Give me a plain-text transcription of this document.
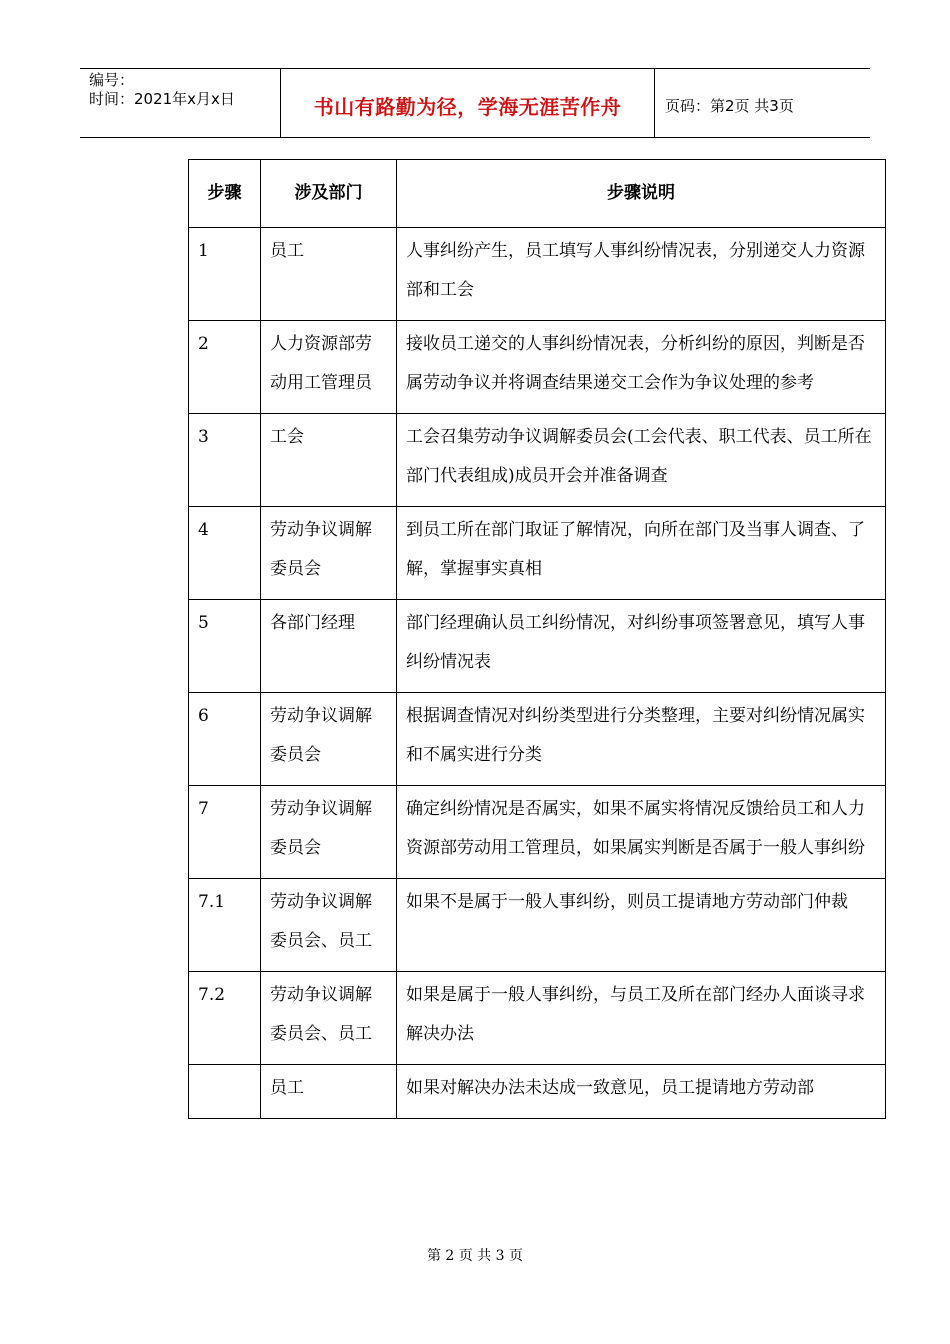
编号：
时间：2021年x月x日	书山有路勤为径，学海无涯苦作舟	页码：第2页 共3页
步骤	涉及部门	步骤说明
1	员工	人事纠纷产生，员工填写人事纠纷情况表，分别递交人力资源部和工会
2	人力资源部劳动用工管理员	接收员工递交的人事纠纷情况表，分析纠纷的原因，判断是否属劳动争议并将调查结果递交工会作为争议处理的参考
3	工会	工会召集劳动争议调解委员会(工会代表、职工代表、员工所在部门代表组成)成员开会并准备调查
4	劳动争议调解委员会	到员工所在部门取证了解情况，向所在部门及当事人调查、了解，掌握事实真相
5	各部门经理	部门经理确认员工纠纷情况，对纠纷事项签署意见，填写人事纠纷情况表
6	劳动争议调解委员会	根据调查情况对纠纷类型进行分类整理，主要对纠纷情况属实和不属实进行分类
7	劳动争议调解委员会	确定纠纷情况是否属实，如果不属实将情况反馈给员工和人力资源部劳动用工管理员，如果属实判断是否属于一般人事纠纷
7.1	劳动争议调解委员会、员工	如果不是属于一般人事纠纷，则员工提请地方劳动部门仲裁
7.2	劳动争议调解委员会、员工	如果是属于一般人事纠纷，与员工及所在部门经办人面谈寻求解决办法
	员工	如果对解决办法未达成一致意见，员工提请地方劳动部
第 2 页 共 3 页
